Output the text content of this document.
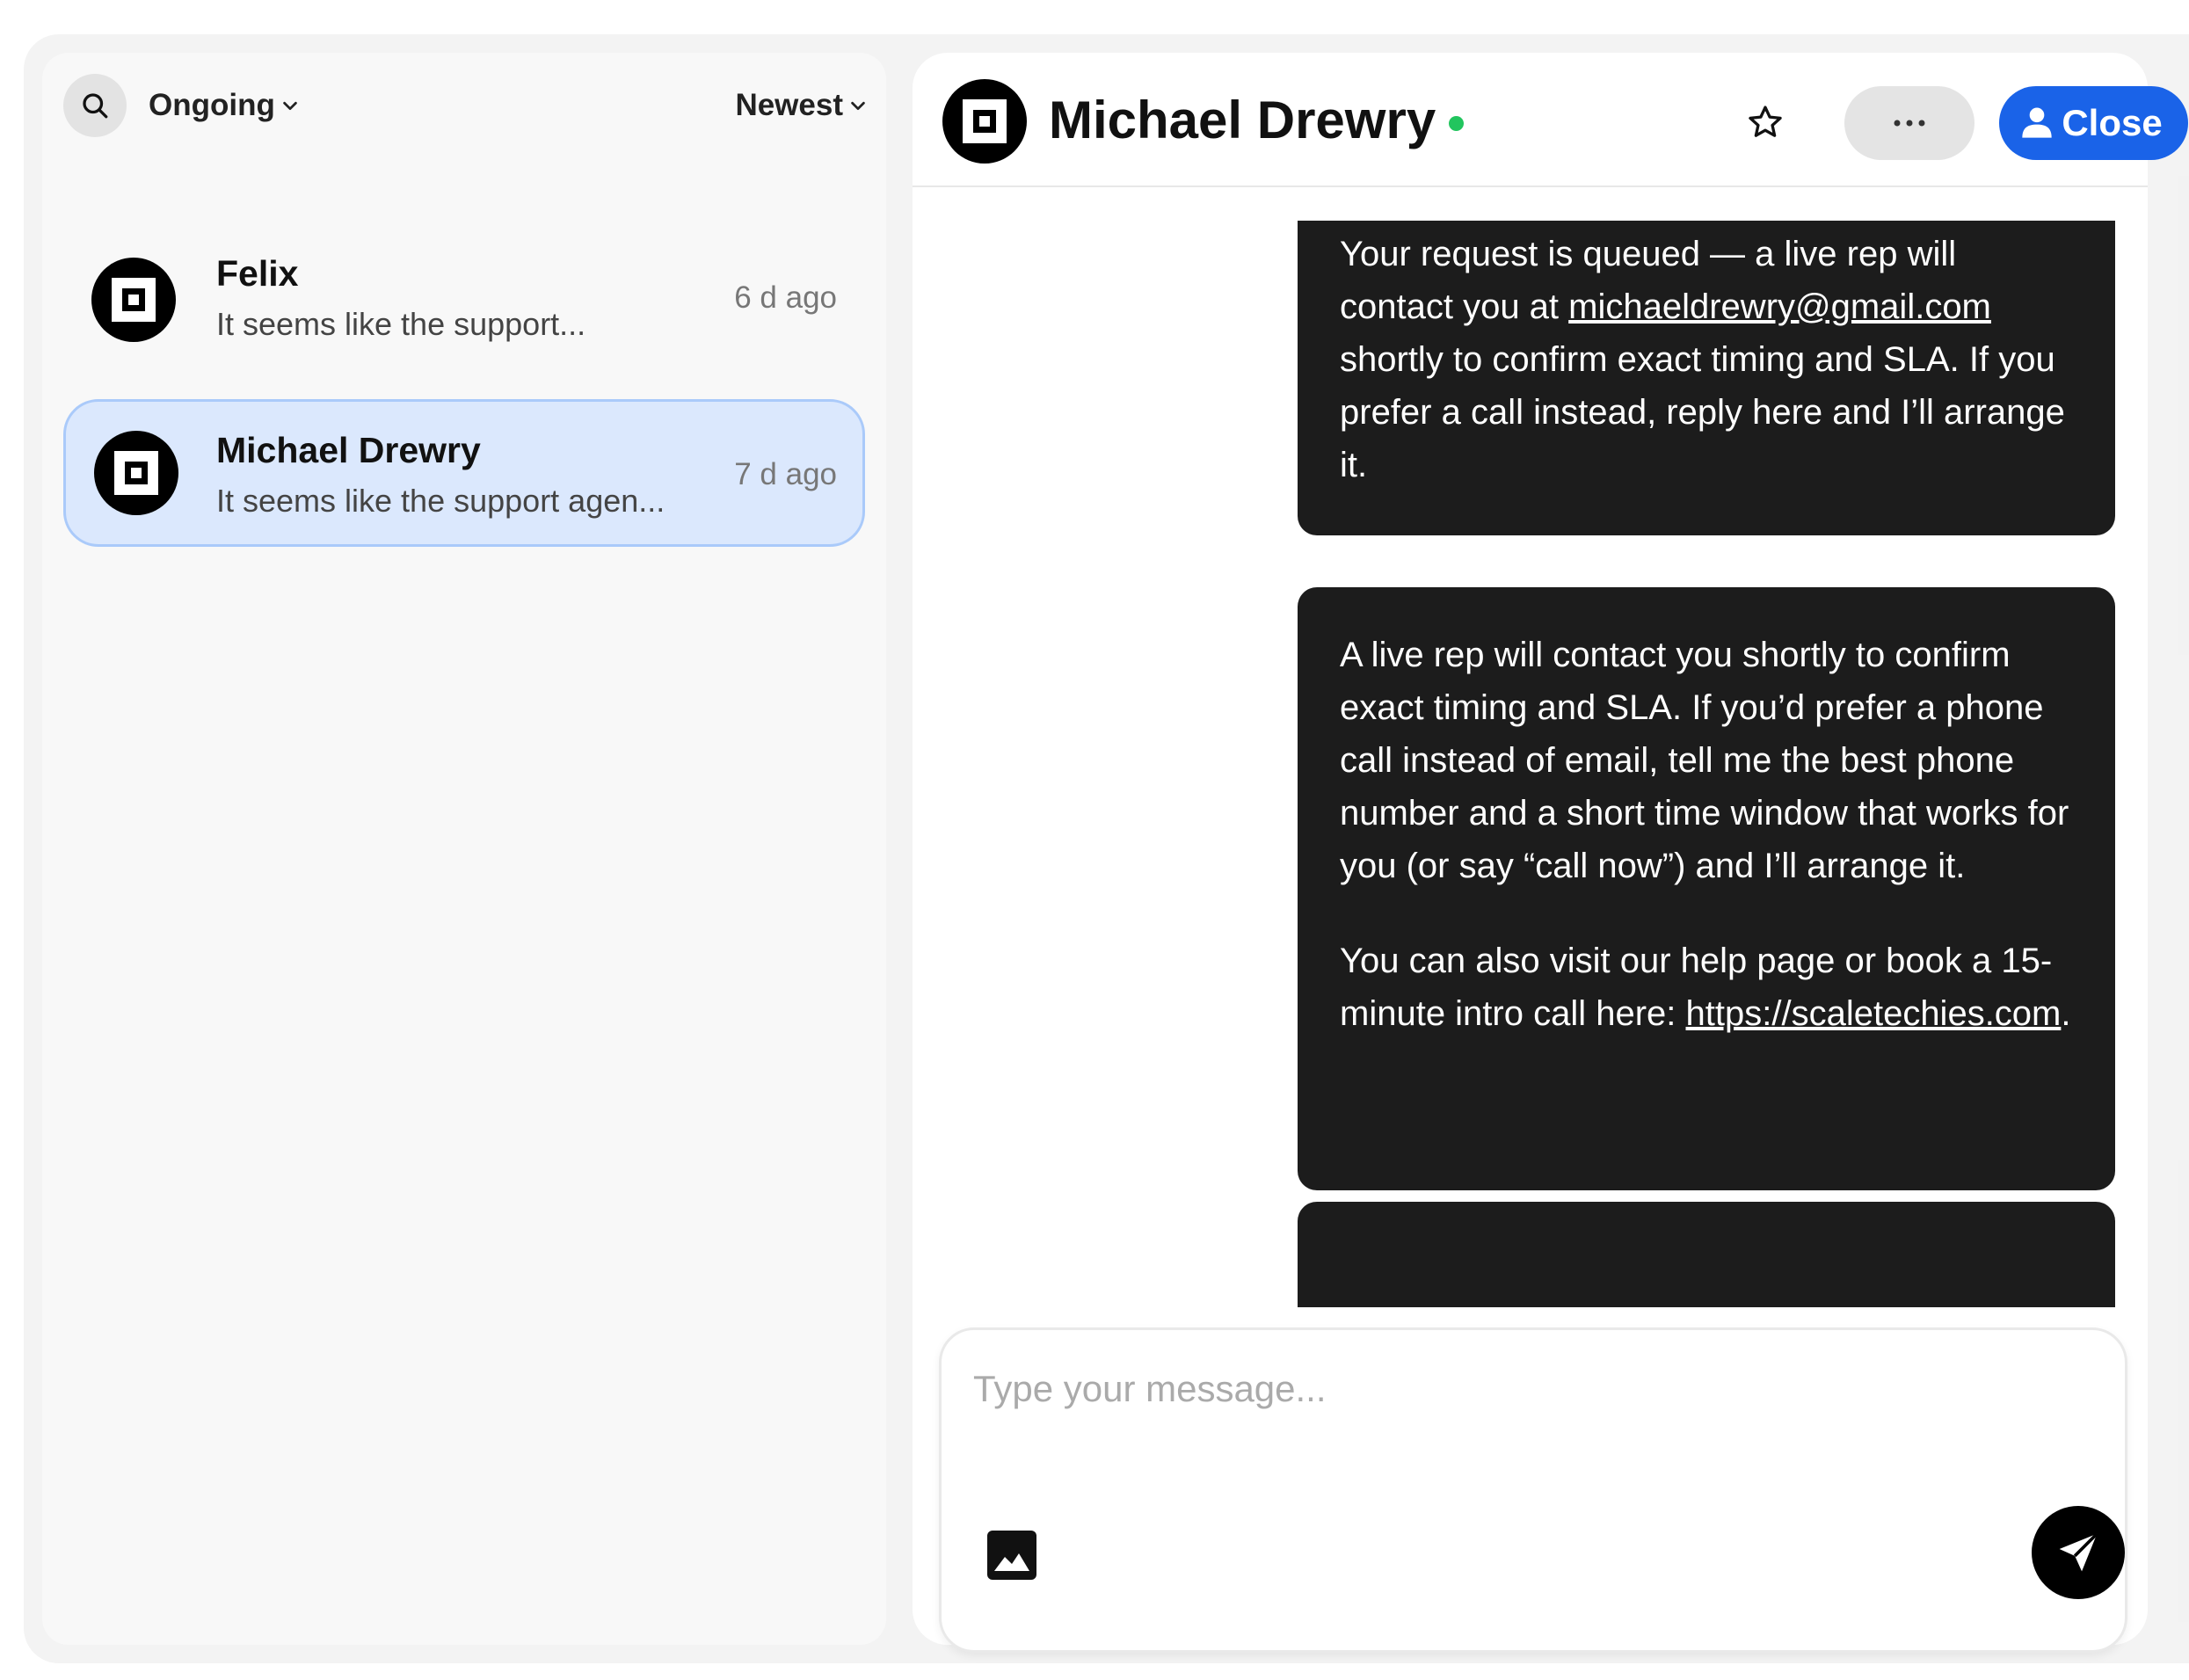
Ongoing	Newest
Felix
It seems like the support...
6 d ago
Michael Drewry
It seems like the support agen...
7 d ago
Michael Drewry	Close

Your request is queued — a live rep will contact you at michaeldrewry@gmail.com shortly to confirm exact timing and SLA. If you prefer a call instead, reply here and I’ll arrange it.

A live rep will contact you shortly to confirm exact timing and SLA. If you’d prefer a phone call instead of email, tell me the best phone number and a short time window that works for you (or say “call now”) and I’ll arrange it.

You can also visit our help page or book a 15-minute intro call here: https://scaletechies.com.

Type your message...
